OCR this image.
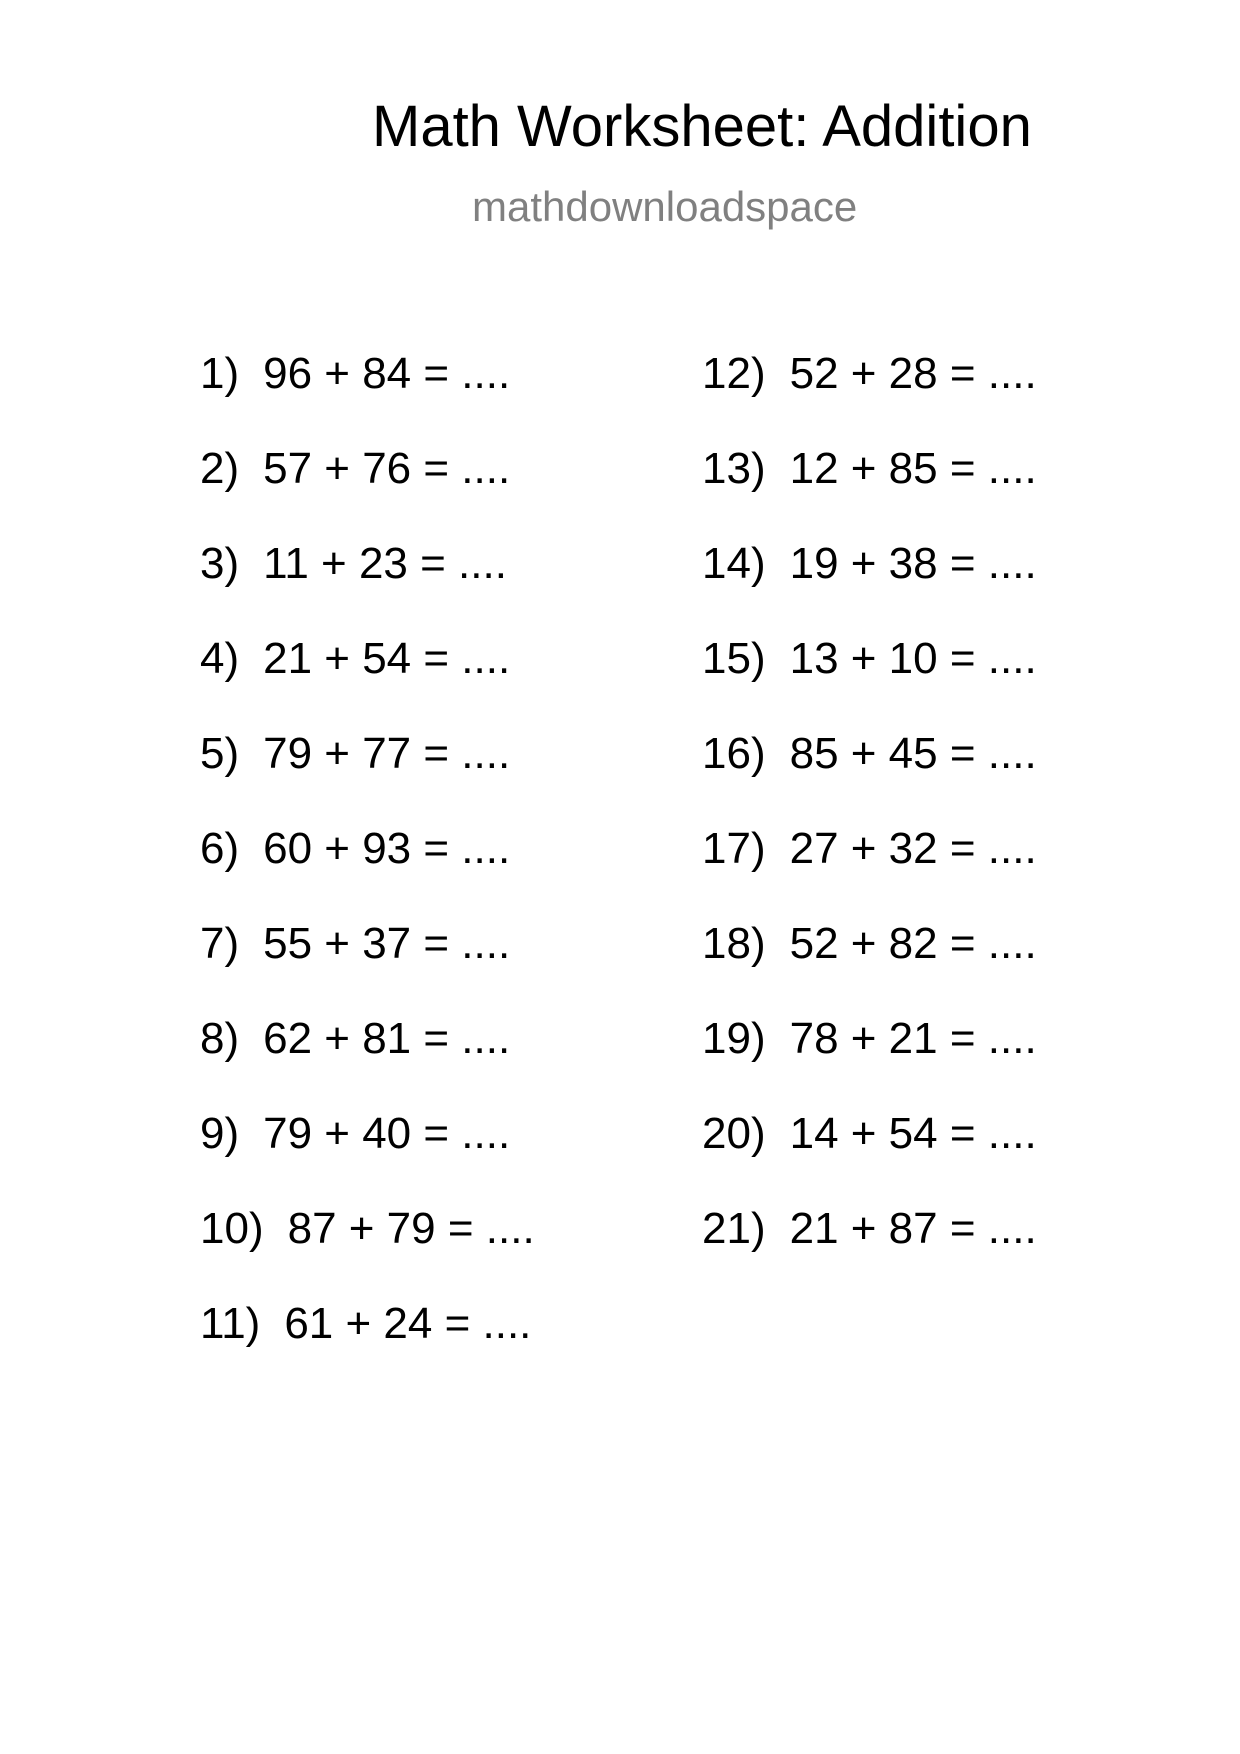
Math Worksheet: Addition
mathdownloadspace
1) 96 + 84 = ....
2) 57 + 76 = ....
3) 11 + 23 = ....
4) 21 + 54 = ....
5) 79 + 77 = ....
6) 60 + 93 = ....
7) 55 + 37 = ....
8) 62 + 81 = ....
9) 79 + 40 = ....
10) 87 + 79 = ....
11) 61 + 24 = ....
12) 52 + 28 = ....
13) 12 + 85 = ....
14) 19 + 38 = ....
15) 13 + 10 = ....
16) 85 + 45 = ....
17) 27 + 32 = ....
18) 52 + 82 = ....
19) 78 + 21 = ....
20) 14 + 54 = ....
21) 21 + 87 = ....
